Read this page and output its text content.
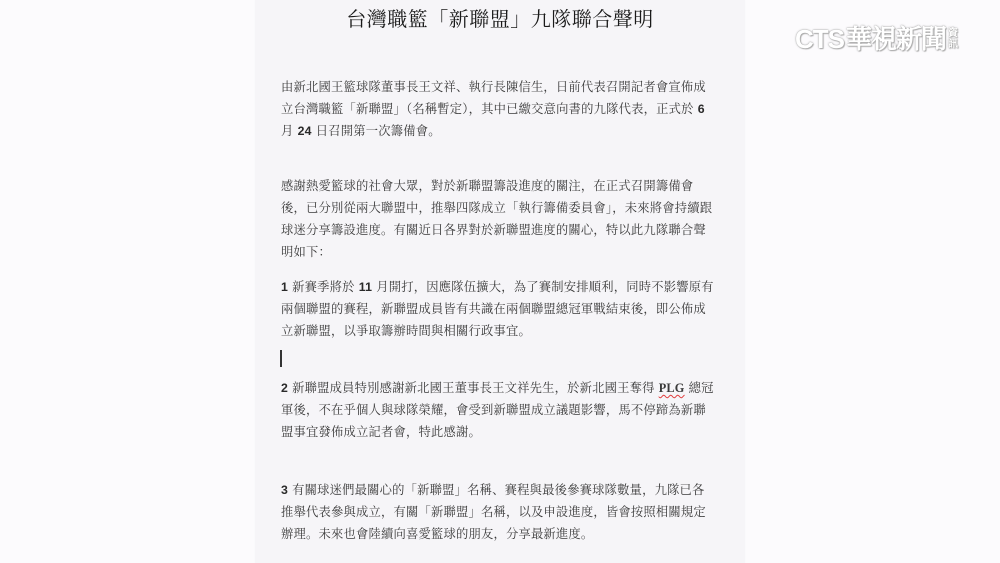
台灣職籃「新聯盟」九隊聯合聲明
由新北國王籃球隊董事長王文祥、執行長陳信生，日前代表召開記者會宣佈成立台灣職籃「新聯盟」（名稱暫定），其中已繳交意向書的九隊代表，正式於 6 月 24 日召開第一次籌備會。
感謝熱愛籃球的社會大眾，對於新聯盟籌設進度的關注，在正式召開籌備會後，已分別從兩大聯盟中，推舉四隊成立「執行籌備委員會」，未來將會持續跟球迷分享籌設進度。有關近日各界對於新聯盟進度的關心，特以此九隊聯合聲明如下：
1 新賽季將於 11 月開打，因應隊伍擴大，為了賽制安排順利，同時不影響原有兩個聯盟的賽程，新聯盟成員皆有共識在兩個聯盟總冠軍戰結束後，即公佈成立新聯盟，以爭取籌辦時間與相關行政事宜。
2 新聯盟成員特別感謝新北國王董事長王文祥先生，於新北國王奪得 PLG 總冠軍後，不在乎個人與球隊榮耀，會受到新聯盟成立議題影響，馬不停蹄為新聯盟事宜發佈成立記者會，特此感謝。
3 有關球迷們最關心的「新聯盟」名稱、賽程與最後參賽球隊數量，九隊已各推舉代表參與成立，有關「新聯盟」名稱，以及申設進度，皆會按照相關規定辦理。未來也會陸續向喜愛籃球的朋友，分享最新進度。
CTS 華視新聞 資
訊
